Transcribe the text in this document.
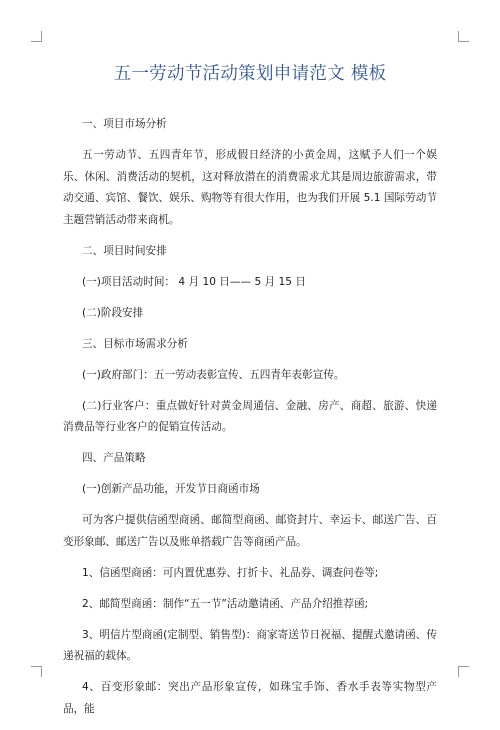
五一劳动节活动策划申请范文 模板

一、项目市场分析

五一劳动节、五四青年节，形成假日经济的小黄金周，这赋予人们一个娱乐、休闲、消费活动的契机，这对释放潜在的消费需求尤其是周边旅游需求，带动交通、宾馆、餐饮、娱乐、购物等有很大作用，也为我们开展 5.1 国际劳动节主题营销活动带来商机。

二、项目时间安排

(一)项目活动时间： 4 月 10 日—— 5 月 15 日

(二)阶段安排

三、目标市场需求分析

(一)政府部门：五一劳动表彰宣传、五四青年表彰宣传。

(二)行业客户：重点做好针对黄金周通信、金融、房产、商超、旅游、快递消费品等行业客户的促销宣传活动。

四、产品策略

(一)创新产品功能，开发节日商函市场

可为客户提供信函型商函、邮简型商函、邮资封片、幸运卡、邮送广告、百变形象邮、邮送广告以及账单搭载广告等商函产品。

1、信函型商函：可内置优惠券、打折卡、礼品券、调查问卷等;

2、邮简型商函：制作“五一节”活动邀请函、产品介绍推荐函;

3、明信片型商函(定制型、销售型)：商家寄送节日祝福、提醒式邀请函、传递祝福的载体。

4、百变形象邮：突出产品形象宣传，如珠宝手饰、香水手表等实物型产品，能
